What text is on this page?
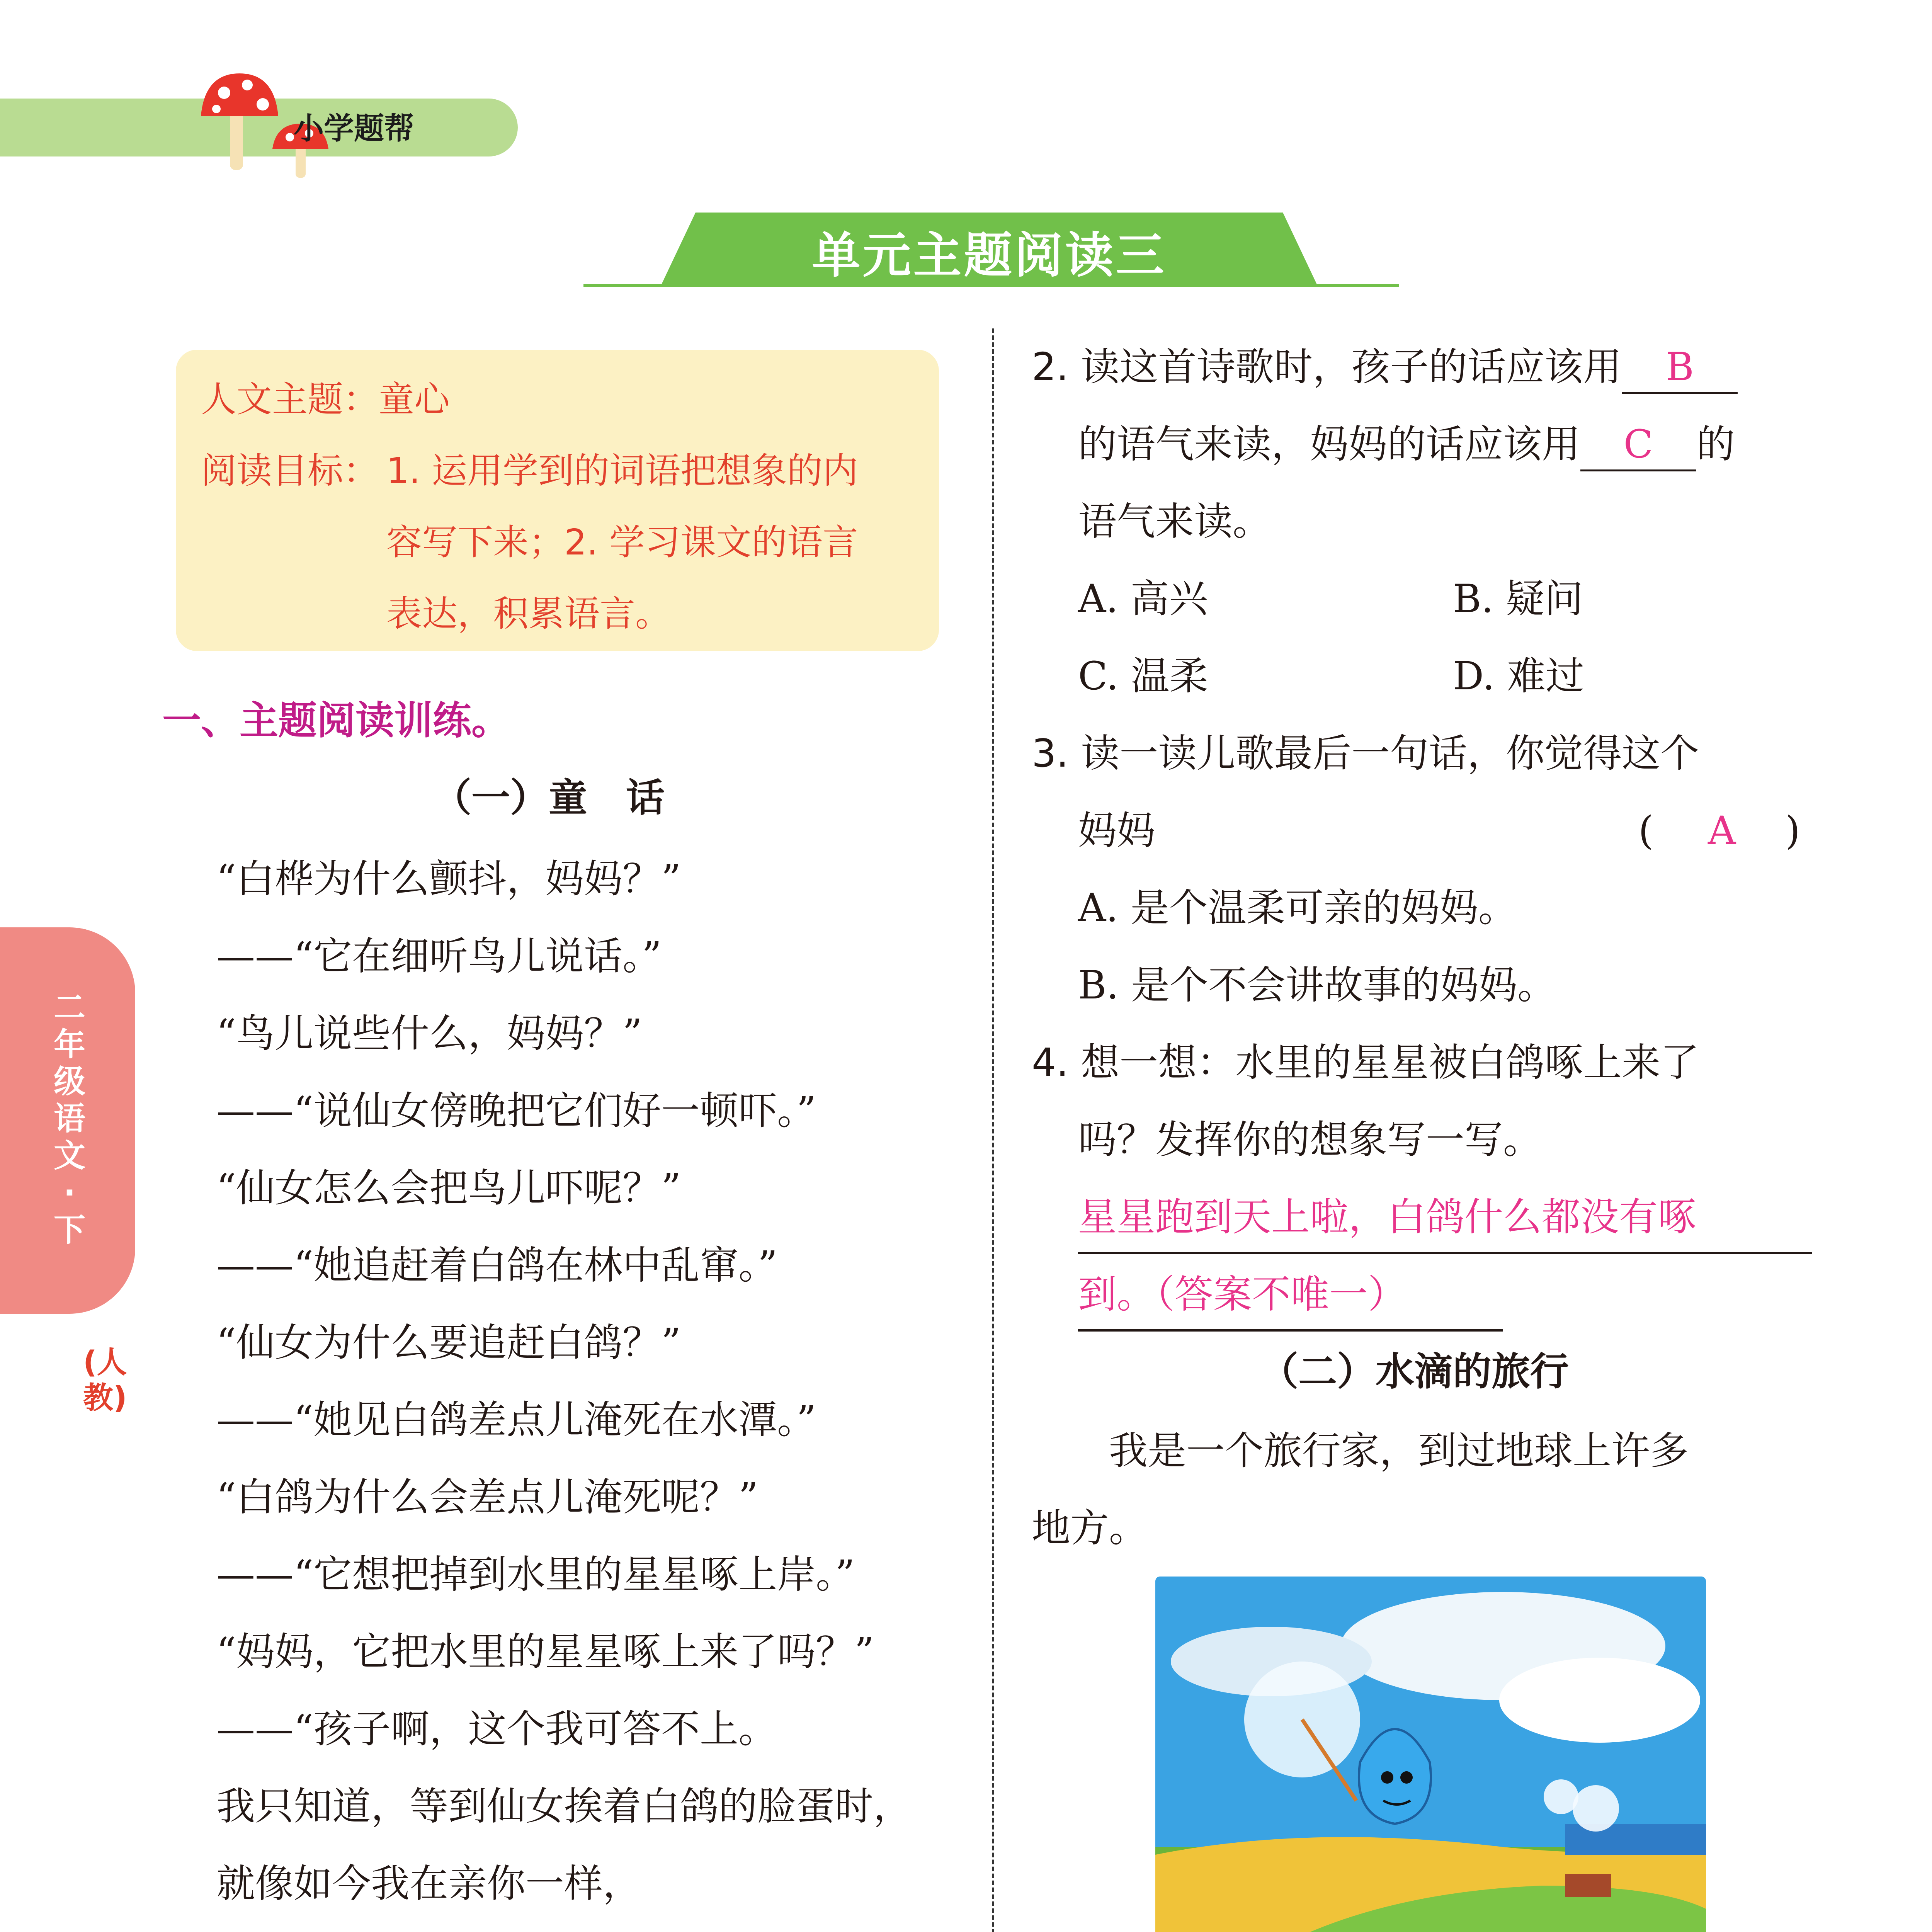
小学题帮
单元主题阅读三
人文主题：童心
阅读目标： 1. 运用学到的词语把想象的内
容写下来；2. 学习课文的语言
表达，积累语言。
二年级语文·下
(人教)
一、主题阅读训练。
（一）童　话
“白桦为什么颤抖，妈妈？”
——“它在细听鸟儿说话。”
“鸟儿说些什么，妈妈？”
——“说仙女傍晚把它们好一顿吓。”
“仙女怎么会把鸟儿吓呢？”
——“她追赶着白鸽在林中乱窜。”
“仙女为什么要追赶白鸽？”
——“她见白鸽差点儿淹死在水潭。”
“白鸽为什么会差点儿淹死呢？”
——“它想把掉到水里的星星啄上岸。”
“妈妈，它把水里的星星啄上来了吗？”
——“孩子啊，这个我可答不上。
我只知道，等到仙女挨着白鸽的脸蛋时，
就像如今我在亲你一样，
2. 读这首诗歌时，孩子的话应该用 B
的语气来读，妈妈的话应该用 C 的
语气来读。
A. 高兴	B. 疑问
C. 温柔	D. 难过
3. 读一读儿歌最后一句话，你觉得这个
妈妈	( A )
A. 是个温柔可亲的妈妈。
B. 是个不会讲故事的妈妈。
4. 想一想：水里的星星被白鸽啄上来了
吗？发挥你的想象写一写。
星星跑到天上啦，白鸽什么都没有啄
到。（答案不唯一）
（二）水滴的旅行
　　我是一个旅行家，到过地球上许多
地方。
